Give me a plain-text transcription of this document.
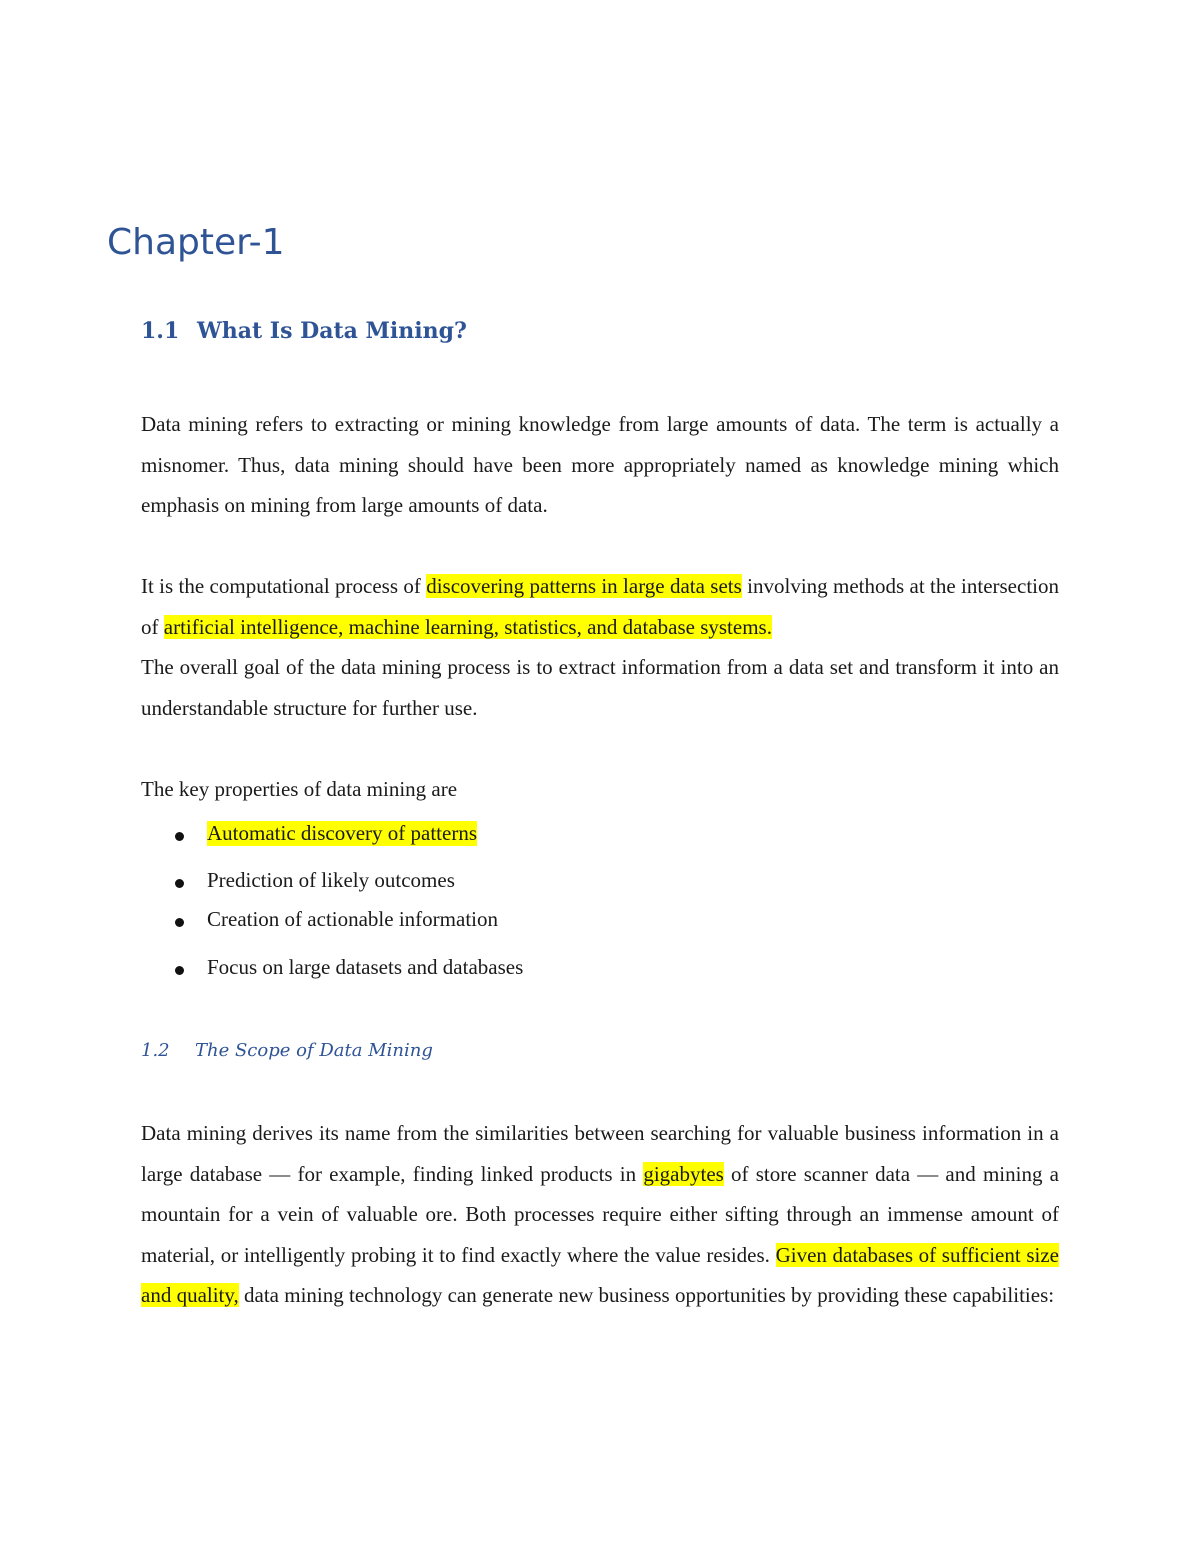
Chapter-1
1.1 What Is Data Mining?

Data mining refers to extracting or mining knowledge from large amounts of data. The term is actually a misnomer. Thus, data mining should have been more appropriately named as knowledge mining which emphasis on mining from large amounts of data.

It is the computational process of discovering patterns in large data sets involving methods at the intersection of artificial intelligence, machine learning, statistics, and database systems.

The overall goal of the data mining process is to extract information from a data set and transform it into an understandable structure for further use.

The key properties of data mining are

Automatic discovery of patterns
Prediction of likely outcomes
Creation of actionable information
Focus on large datasets and databases
1.2 The Scope of Data Mining

Data mining derives its name from the similarities between searching for valuable business information in a large database — for example, finding linked products in gigabytes of store scanner data — and mining a mountain for a vein of valuable ore. Both processes require either sifting through an immense amount of material, or intelligently probing it to find exactly where the value resides. Given databases of sufficient size and quality, data mining technology can generate new business opportunities by providing these capabilities:
